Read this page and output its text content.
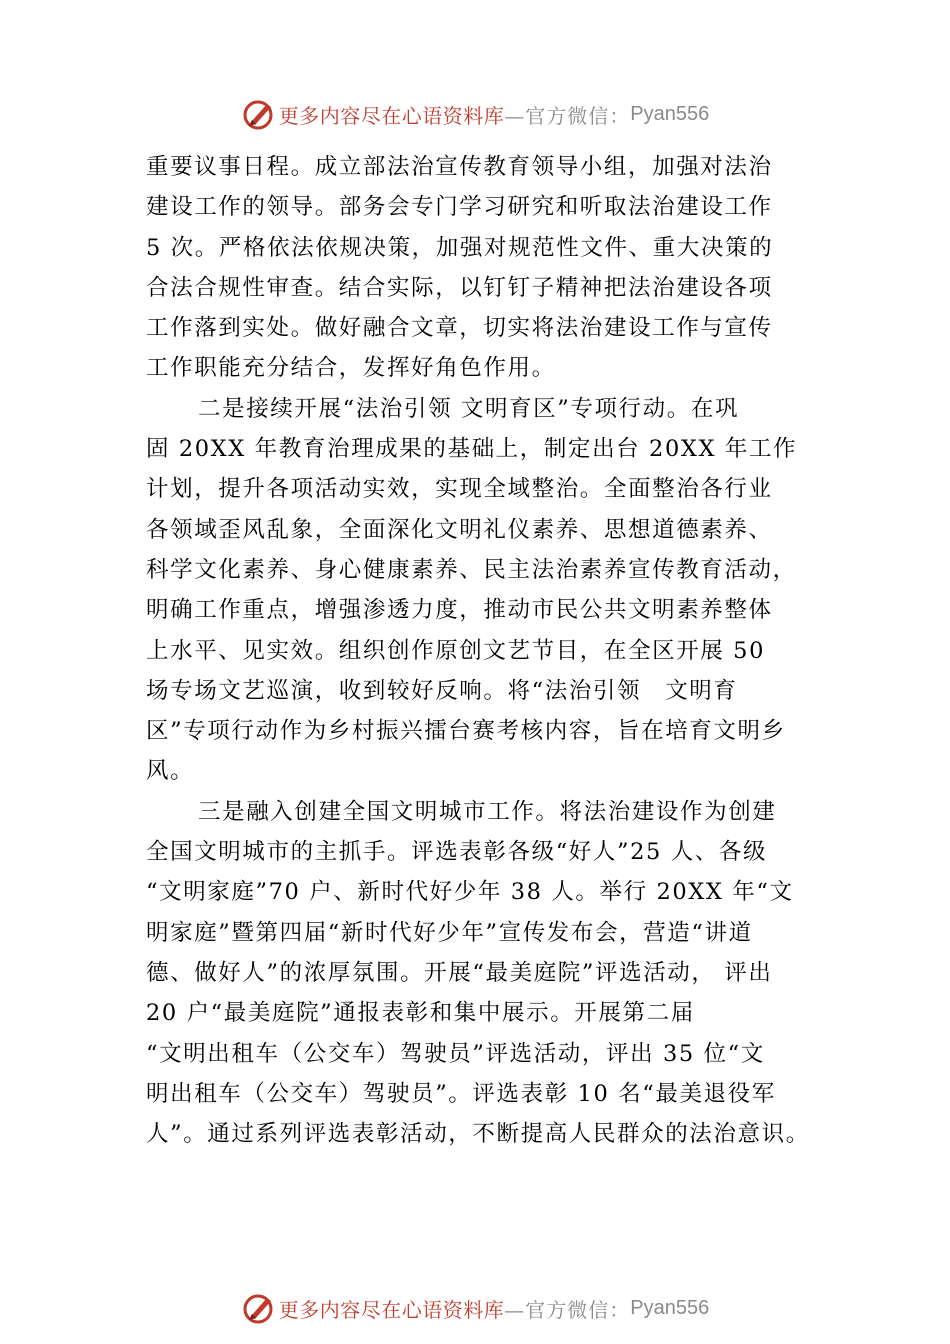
更多内容尽在心语资料库 —官方微信： Pyan556
重要议事日程。成立部法治宣传教育领导小组，加强对法治
建设工作的领导。部务会专门学习研究和听取法治建设工作
5 次。严格依法依规决策，加强对规范性文件、重大决策的
合法合规性审查。结合实际，以钉钉子精神把法治建设各项
工作落到实处。做好融合文章，切实将法治建设工作与宣传
工作职能充分结合，发挥好角色作用。
二是接续开展“法治引领 文明育区”专项行动。在巩
固 20XX 年教育治理成果的基础上，制定出台 20XX 年工作
计划，提升各项活动实效，实现全域整治。全面整治各行业
各领域歪风乱象，全面深化文明礼仪素养、思想道德素养、
科学文化素养、身心健康素养、民主法治素养宣传教育活动，
明确工作重点，增强渗透力度，推动市民公共文明素养整体
上水平、见实效。组织创作原创文艺节目，在全区开展 50
场专场文艺巡演，收到较好反响。将“法治引领　文明育
区”专项行动作为乡村振兴擂台赛考核内容，旨在培育文明乡
风。
三是融入创建全国文明城市工作。将法治建设作为创建
全国文明城市的主抓手。评选表彰各级“好人”25 人、各级
“文明家庭”70 户、新时代好少年 38 人。举行 20XX 年“文
明家庭”暨第四届“新时代好少年”宣传发布会，营造“讲道
德、做好人”的浓厚氛围。开展“最美庭院”评选活动， 评出
20 户“最美庭院”通报表彰和集中展示。开展第二届
“文明出租车（公交车）驾驶员”评选活动，评出 35 位“文
明出租车（公交车）驾驶员”。评选表彰 10 名“最美退役军
人”。通过系列评选表彰活动，不断提高人民群众的法治意识。
更多内容尽在心语资料库 —官方微信： Pyan556
